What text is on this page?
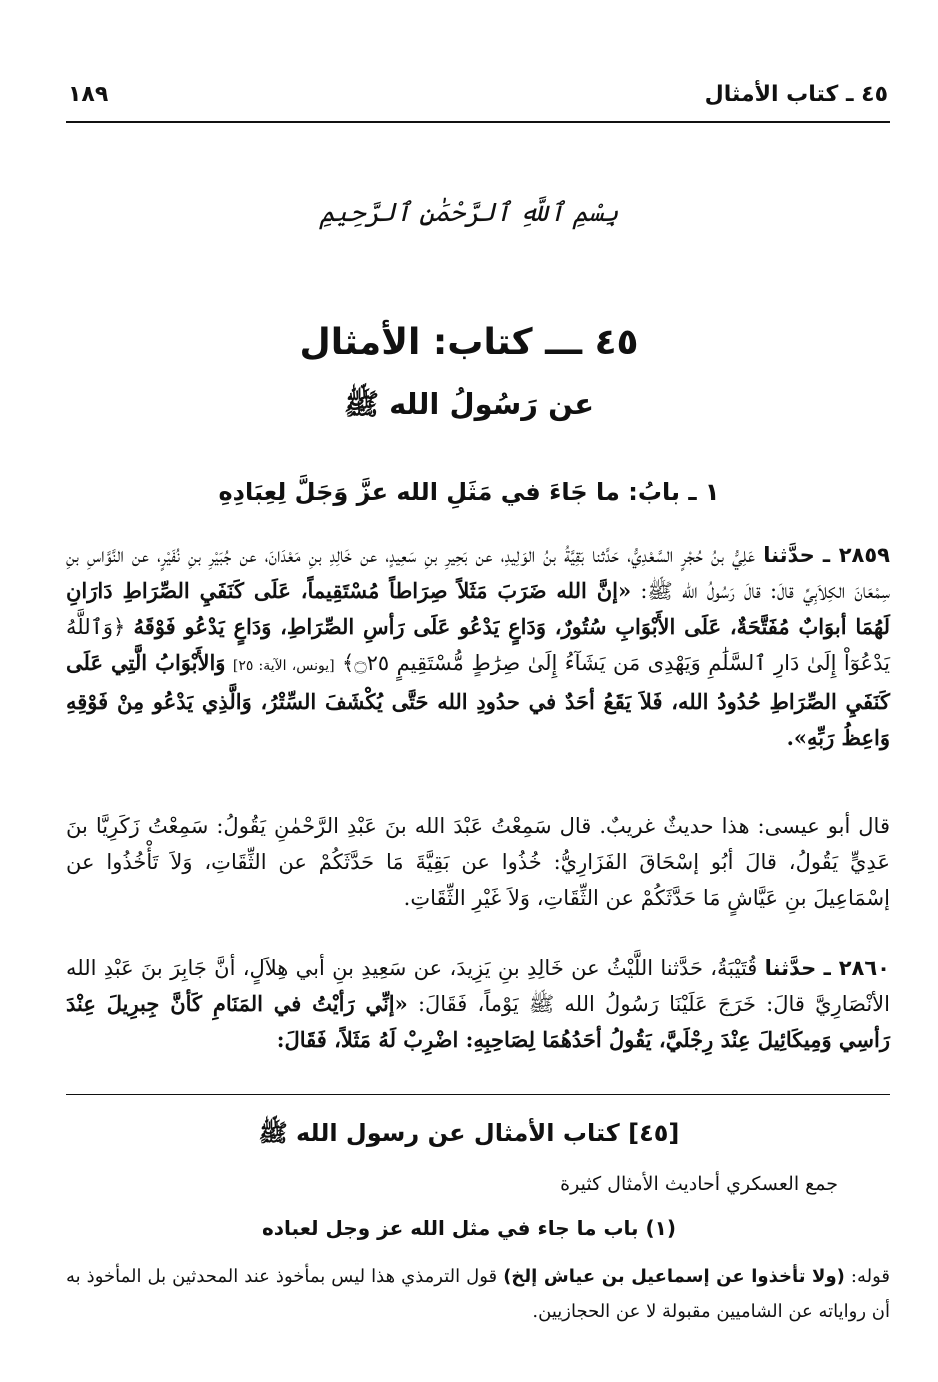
٤٥ ـ كتاب الأمثال
١٨٩
بِسْمِ ٱللَّهِ ٱلرَّحْمَٰنِ ٱلرَّحِيمِ
٤٥ ـــ كتاب: الأمثال
عن رَسُولُ الله ﷺ
١ ـ بابُ: ما جَاءَ في مَثَلِ الله عزَّ وَجَلَّ لِعِبَادِهِ
٢٨٥٩ ـ حدَّثنا عَلِيُّ بنُ حُجْرٍ السَّعْدِيُّ، حَدَّثنا بَقِيَّةُ بنُ الوَلِيدِ، عن بَحِيرِ بنِ سَعِيدٍ، عن خَالِدِ بنِ مَعْدَانَ، عن جُبَيْرِ بنِ نُفَيْرٍ، عن النَّوَّاسِ بنِ سِمْعَانَ الكِلاَبِيِّ قالَ: قالَ رَسُولُ الله ﷺ: «إنَّ الله ضَرَبَ مَثَلاً صِرَاطاً مُسْتَقِيماً، عَلَى كَنَفَيِ الصِّرَاطِ دَارَانِ لَهُمَا أبوَابٌ مُفَتَّحَةٌ، عَلَى الأَبْوَابِ سُتُورٌ، وَدَاعٍ يَدْعُو عَلَى رَأسِ الصِّرَاطِ، وَدَاعٍ يَدْعُو فَوْقَهُ ﴿وَٱللَّهُ يَدْعُوٓاْ إِلَىٰ دَارِ ٱلسَّلَٰمِ وَيَهْدِى مَن يَشَآءُ إِلَىٰ صِرَٰطٍ مُّسْتَقِيمٍ ۝٢٥﴾ [يونس، الآية: ٢٥] وَالأَبْوَابُ الَّتِي عَلَى كَنَفَيِ الصِّرَاطِ حُدُودُ الله، فَلاَ يَقَعُ أحَدٌ في حدُودِ الله حَتَّى يُكْشَفَ السِّتْرُ، وَالَّذِي يَدْعُو مِنْ فَوْقِهِ وَاعِظُ رَبِّهِ».
قال أبو عيسى: هذا حديثٌ غريبٌ. قال سَمِعْتُ عَبْدَ الله بنَ عَبْدِ الرَّحْمٰنِ يَقُولُ: سَمِعْتُ زَكَرِيَّا بنَ عَدِيٍّ يَقُولُ، قالَ أبُو إسْحَاقَ الفَزَارِيُّ: خُذُوا عن بَقِيَّةَ مَا حَدَّثَكُمْ عن الثِّقَاتِ، وَلاَ تَأْخُذُوا عن إسْمَاعِيلَ بنِ عَيَّاشٍ مَا حَدَّثَكُمْ عن الثِّقَاتِ، وَلاَ غَيْرِ الثِّقَاتِ.
٢٨٦٠ ـ حدَّثنا قُتَيْبَةُ، حَدَّثنا اللَّيْثُ عن خَالِدِ بنِ يَزِيدَ، عن سَعِيدِ بنِ أبي هِلاَلٍ، أنَّ جَابِرَ بنَ عَبْدِ الله الأنْصَارِيَّ قالَ: خَرَجَ عَلَيْنَا رَسُولُ الله ﷺ يَوْماً، فَقَالَ: «إنِّي رَأيْتُ في المَنَامِ كَأنَّ جِبرِيلَ عِنْدَ رَأسِي وَمِيكَائِيلَ عِنْدَ رِجْلَيَّ، يَقُولُ أحَدُهُمَا لِصَاحِبِهِ: اضْرِبْ لَهُ مَثَلاً، فَقَالَ:
[٤٥] كتاب الأمثال عن رسول الله ﷺ
جمع العسكري أحاديث الأمثال كثيرة
(١) باب ما جاء في مثل الله عز وجل لعباده
قوله: (ولا تأخذوا عن إسماعيل بن عياش إلخ) قول الترمذي هذا ليس بمأخوذ عند المحدثين بل المأخوذ به أن رواياته عن الشاميين مقبولة لا عن الحجازيين.
